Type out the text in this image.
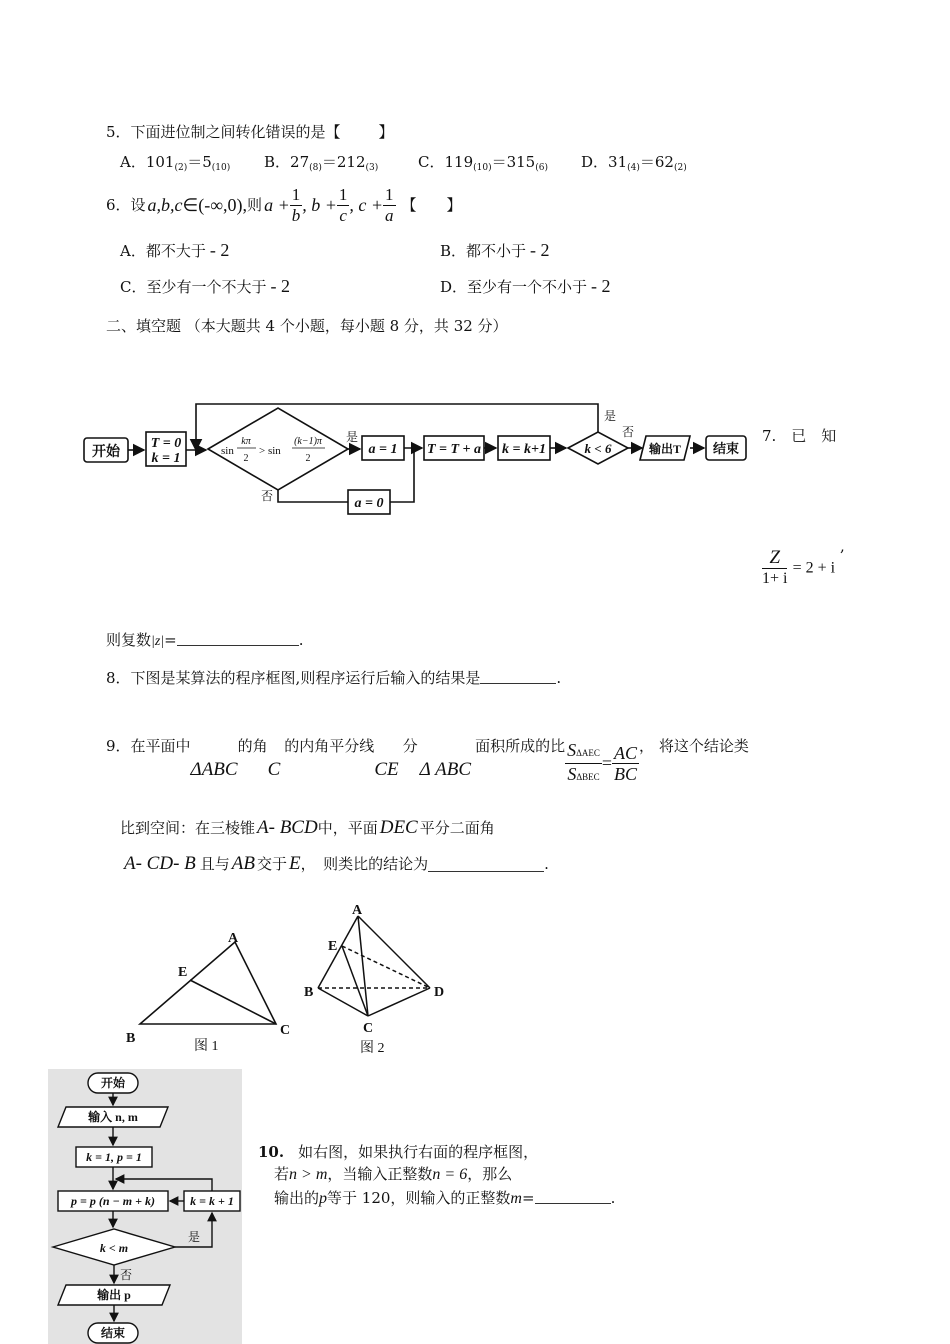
5．下面进位制之间转化错误的是【	】
A．$101_{(2)}=5_{(10)}$ B．$27_{(8)}=212_{(3)}$	C．$119_{(10)}=315_{(6)}$ D．$31_{(4)}=62_{(2)}$
6．设 a,b,c ∈(-∞,0), 则 $a + \frac{1}{b}$ , $b + \frac{1}{c}$ , $c + \frac{1}{a}$ 【　　】
A．都不大于 - 2	B．都不小于 - 2
C．至少有一个不大于 - 2	D．至少有一个不小于 - 2
二、填空题 （本大题共 4 个小题，每小题 8 分，共 32 分）
开始
T = 0
k = 1	sin
kπ
2
> sin
(k−1)π
2
是
否
a = 1 T = T + a k = k+1	k < 6
是
否
输出T 结束
a = 0
7.　已　知
$\frac{Z}{1+ i} = 2 + i$
,
则复数|z|=	.
8．下图是某算法的程序框图,则程序运行后输入的结果是	.
9．在平面中
ΔABC
的角
C
的内角平分线
CE
分
Δ ABC
面积所成的比 $\frac{\text{SΔAEC}}{\text{SΔBEC}} = \frac{AC}{BC}$ ， 将这个结论类
比到空间：在三棱锥 A- BCD 中，平面 DEC 平分二面角
A- CD- B 且与 AB 交于 E ，　则类比的结论为	.
A
E
B
C
图 1
A
E
B	D
C
图 2
开始
输入 n, m
k = 1, p = 1
p = p (n − m + k)	k = k + 1
k < m
是
否
输出 p
结束
10. 如右图，如果执行右面的程序框图，
若n > m，当输入正整数n = 6，那么
输出的p等于 120，则输入的正整数m=	.
